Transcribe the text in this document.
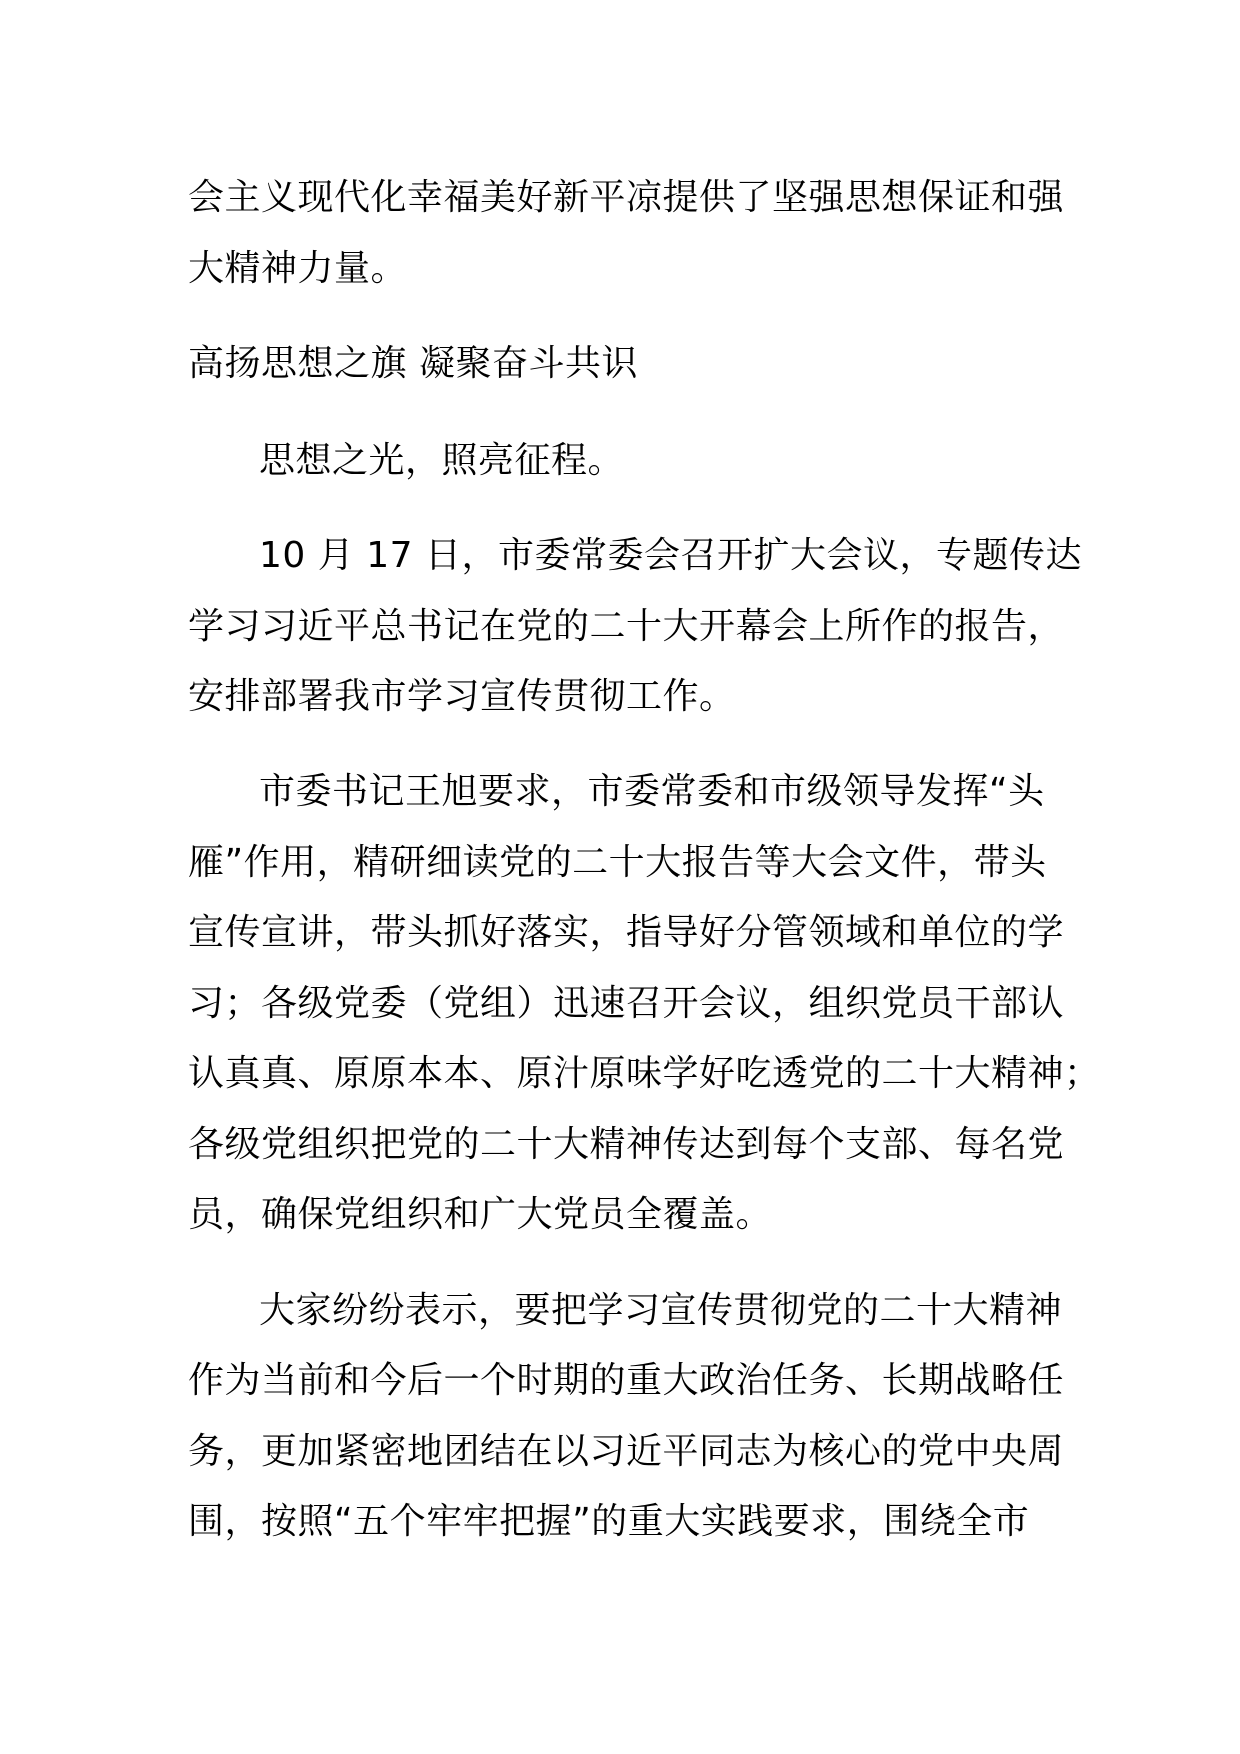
会主义现代化幸福美好新平凉提供了坚强思想保证和强

大精神力量。

高扬思想之旗 凝聚奋斗共识

思想之光，照亮征程。

10 月 17 日，市委常委会召开扩大会议，专题传达

学习习近平总书记在党的二十大开幕会上所作的报告，

安排部署我市学习宣传贯彻工作。

市委书记王旭要求，市委常委和市级领导发挥“头

雁”作用，精研细读党的二十大报告等大会文件，带头

宣传宣讲，带头抓好落实，指导好分管领域和单位的学

习；各级党委（党组）迅速召开会议，组织党员干部认

认真真、原原本本、原汁原味学好吃透党的二十大精神；

各级党组织把党的二十大精神传达到每个支部、每名党

员，确保党组织和广大党员全覆盖。

大家纷纷表示，要把学习宣传贯彻党的二十大精神

作为当前和今后一个时期的重大政治任务、长期战略任

务，更加紧密地团结在以习近平同志为核心的党中央周

围，按照“五个牢牢把握”的重大实践要求，围绕全市
